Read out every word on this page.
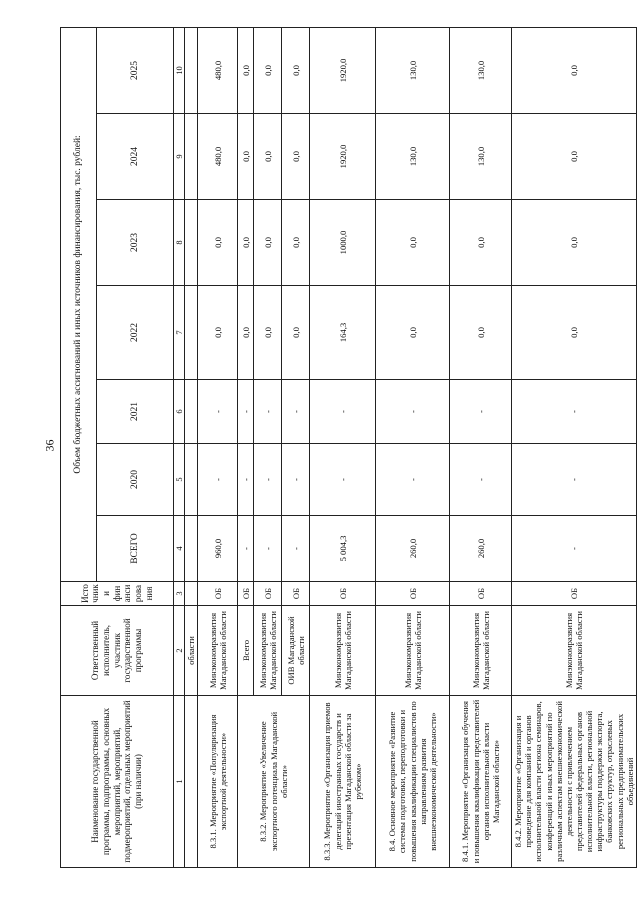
36
Наименование государственной программы, подпрограммы, основных мероприятий, мероприятий, подмероприятий, отдельных мероприятий (при наличии)	Ответственный исполнитель, участник государственной программы	Источники финансирования	Объем бюджетных ассигнований и иных источников финансирования, тыс. рублей:						
			ВСЕГО	2020	2021	2022	2023	2024	2025
1	2	3	4	5	6	7	8	9	10
	области								
8.3.1. Мероприятие «Популяризация экспортной деятельности»	Минэкономразвития Магаданской области	ОБ	960,0	-	-	0,0	0,0	480,0	480,0
8.3.2. Мероприятие «Увеличение экспортного потенциала Магаданской области»	Всего	ОБ	-	-	-	0,0	0,0	0,0	0,0
	Минэкономразвития Магаданской области	ОБ	-	-	-	0,0	0,0	0,0	0,0
	ОИВ Магаданской области	ОБ	-	-	-	0,0	0,0	0,0	0,0
8.3.3. Мероприятие «Организация приемов делегаций иностранных государств и презентация Магаданской области за рубежом»	Минэкономразвития Магаданской области	ОБ	5 004,3	-	-	164,3	1000,0	1920,0	1920,0
8.4. Основное мероприятие «Развитие системы подготовки, переподготовки и повышения квалификации специалистов по направлениям развития внешнеэкономической деятельности»	Минэкономразвития Магаданской области	ОБ	260,0	-	-	0,0	0,0	130,0	130,0
8.4.1. Мероприятие «Организация обучения и повышения квалификации представителей органов исполнительной власти Магаданской области»	Минэкономразвития Магаданской области	ОБ	260,0	-	-	0,0	0,0	130,0	130,0
8.4.2. Мероприятие «Организация и проведение для компаний и органов исполнительной власти региона семинаров, конференций и иных мероприятий по различным аспектам внешнеэкономической деятельности с привлечением представителей федеральных органов исполнительной власти, региональной инфраструктуры поддержки экспорта, банковских структур, отраслевых региональных предпринимательских объединений	Минэкономразвития Магаданской области	ОБ	-	-	-	0,0	0,0	0,0	0,0
